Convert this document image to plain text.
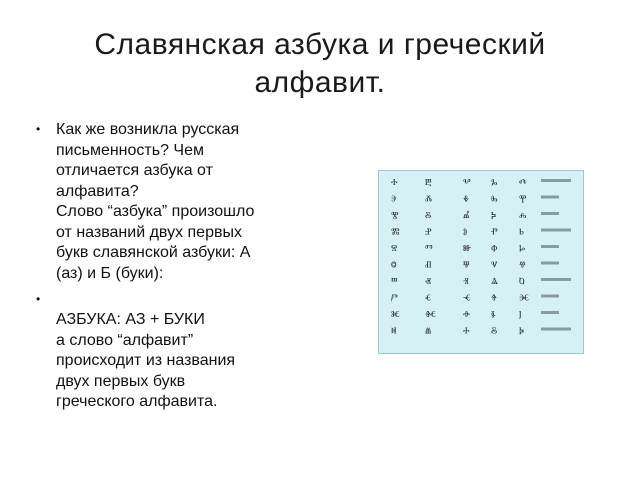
Славянская азбука и греческий
алфавит.
• Как же возникла русская
письменность? Чем
отличается азбука от
алфавита?
Слово “азбука” произошло
от названий двух первых
букв славянской азбуки: А
(аз) и Б (буки):
•
АЗБУКА: АЗ + БУКИ
а слово “алфавит”
происходит из названия
двух первых букв
греческого алфавита.
ⰰ ⰱ	ⰲ ⰳ ⰴ
ⰵ ⰶ	ⰷ ⰸ ⰹ
ⰺ ⰻ	ⰼ ⰽ ⰾ
ⰿ ⱀ	ⱁ ⱂ ⱃ
ⱄ ⱅ	ⱆ ⱇ ⱈ
ⱉ ⱊ	ⱋ ⱌ ⱍ
ⱎ ⱏ	ⱐ ⱑ ⱒ
ⱓ ⱔ	ⱕ ⱖ ⱗ
ⱘ ⱙ ⱚ ⱛ ⱜ
ⱝ ⱞ	ⰰ ⰻ ⰽ
